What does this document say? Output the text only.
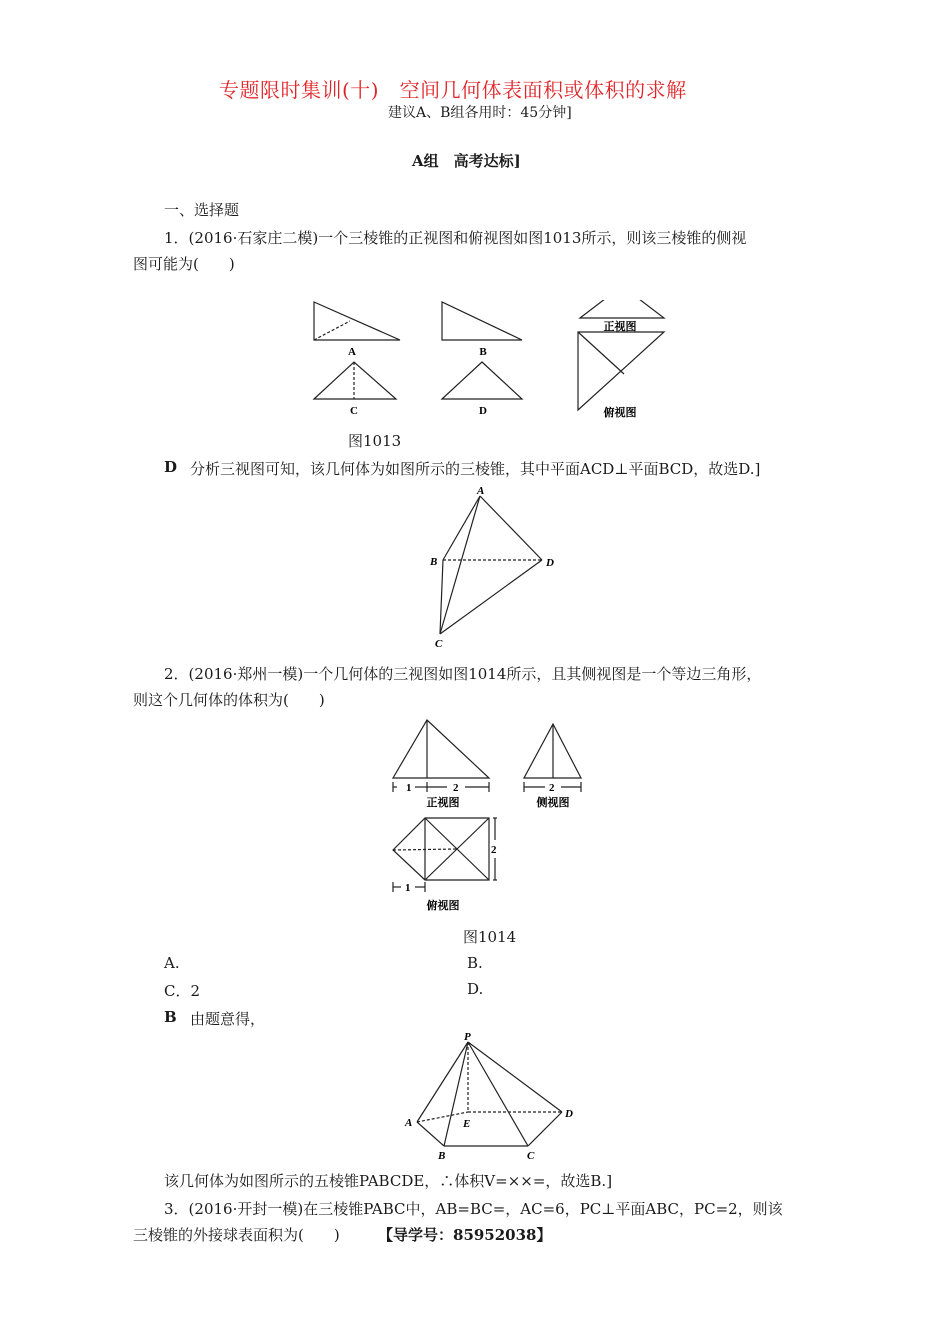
专题限时集训(十)　空间几何体表面积或体积的求解
建议A、B组各用时：45分钟]
A组　高考达标]
一、选择题
1．(2016·石家庄二模)一个三棱锥的正视图和俯视图如图1013所示，则该三棱锥的侧视
图可能为(　　)
A	B
C	D
正视图
俯视图
图1013
D 分析三视图可知，该几何体为如图所示的三棱锥，其中平面ACD⊥平面BCD，故选D.]
A
B
C
D
2．(2016·郑州一模)一个几何体的三视图如图1014所示，且其侧视图是一个等边三角形，
则这个几何体的体积为(　　)
1	2	2
2
1
正视图	侧视图
俯视图
图1014
A.	B.
C．2	D.
B 由题意得，
P
A	E
D
B	C
该几何体为如图所示的五棱锥PABCDE，∴体积V=××=，故选B.]
3．(2016·开封一模)在三棱锥PABC中，AB=BC=，AC=6，PC⊥平面ABC，PC=2，则该
三棱锥的外接球表面积为(　　)	【导学号：85952038】
